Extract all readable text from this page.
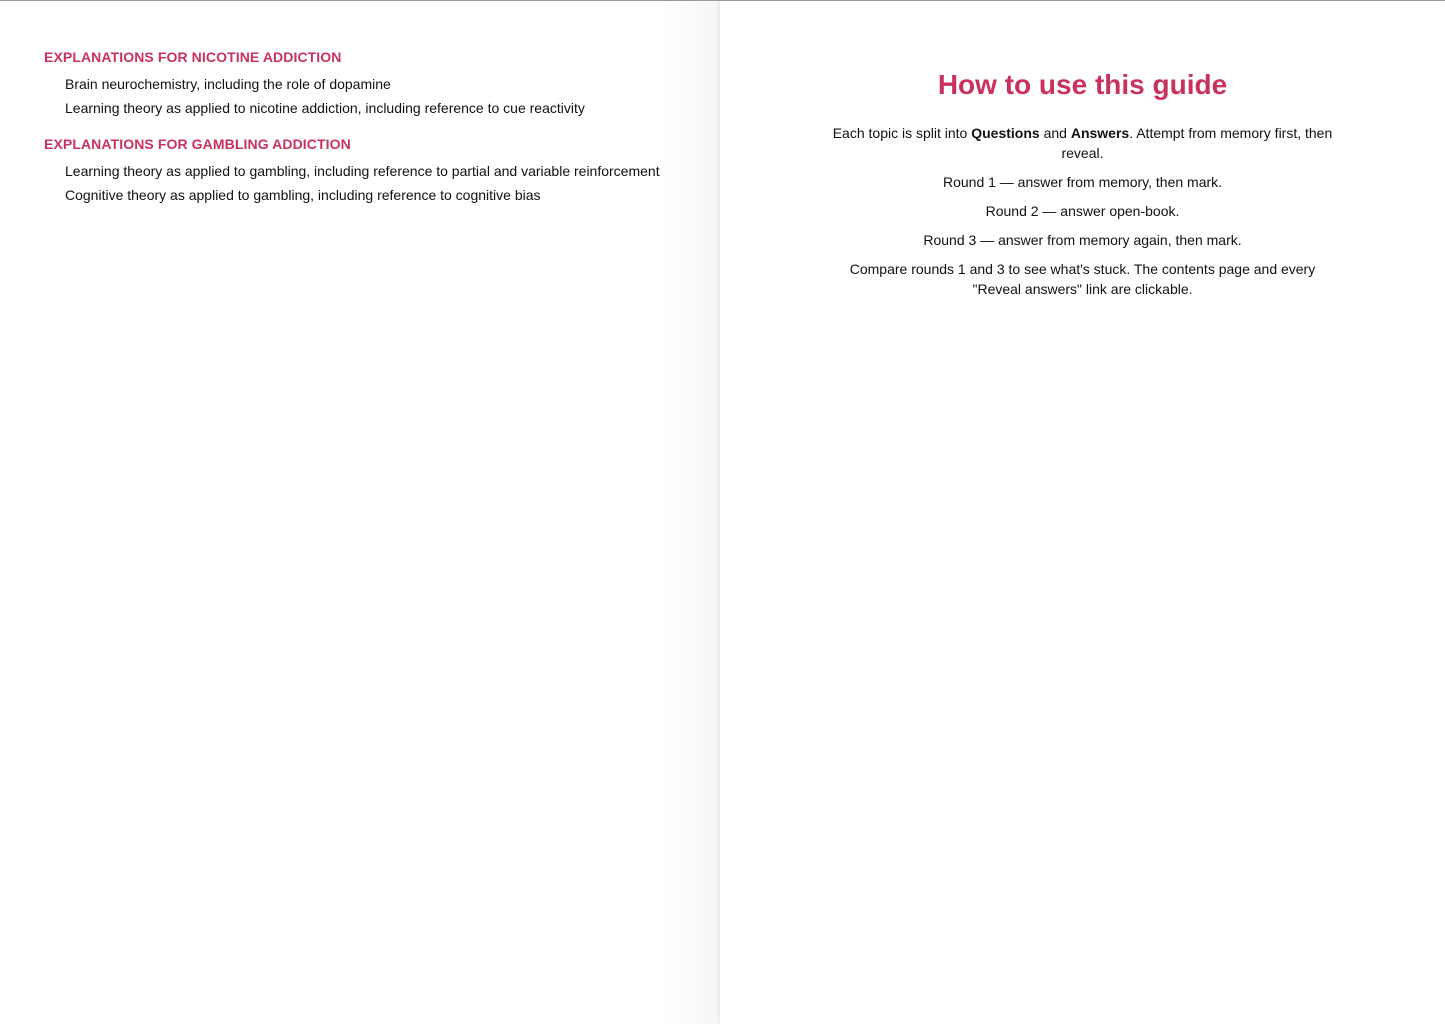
EXPLANATIONS FOR NICOTINE ADDICTION
Brain neurochemistry, including the role of dopamine
Learning theory as applied to nicotine addiction, including reference to cue reactivity
EXPLANATIONS FOR GAMBLING ADDICTION
Learning theory as applied to gambling, including reference to partial and variable reinforcement
Cognitive theory as applied to gambling, including reference to cognitive bias
How to use this guide

Each topic is split into Questions and Answers. Attempt from memory first, then reveal.

Round 1 — answer from memory, then mark.

Round 2 — answer open-book.

Round 3 — answer from memory again, then mark.

Compare rounds 1 and 3 to see what's stuck. The contents page and every "Reveal answers" link are clickable.
